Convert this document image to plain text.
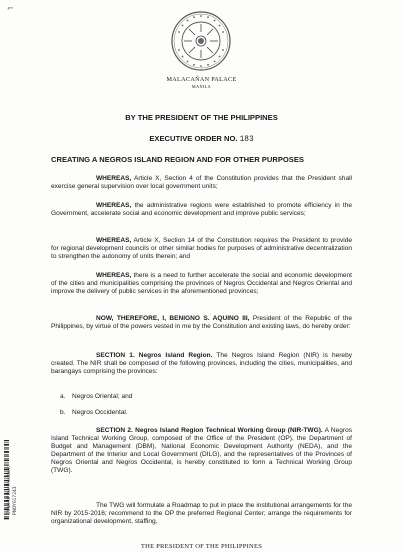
⌐
MALACAÑAN PALACE
MANILA
BY THE PRESIDENT OF THE PHILIPPINES
EXECUTIVE ORDER NO. 183
CREATING A NEGROS ISLAND REGION AND FOR OTHER PURPOSES

WHEREAS, Article X, Section 4 of the Constitution provides that the President shall exercise general supervision over local government units;

WHEREAS, the administrative regions were established to promote efficiency in the Government, accelerate social and economic development and improve public services;

WHEREAS, Article X, Section 14 of the Constitution requires the President to provide for regional development councils or other similar bodies for purposes of administrative decentralization to strengthen the autonomy of units therein; and

WHEREAS, there is a need to further accelerate the social and economic development of the cities and municipalities comprising the provinces of Negros Occidental and Negros Oriental and improve the delivery of public services in the aforementioned provinces;

NOW, THEREFORE, I, BENIGNO S. AQUINO III, President of the Republic of the Philippines, by virtue of the powers vested in me by the Constitution and existing laws, do hereby order:

SECTION 1. Negros Island Region. The Negros Island Region (NIR) is hereby created. The NIR shall be composed of the following provinces, including the cities, municipalities, and barangays comprising the provinces:

a. Negros Oriental; and
b. Negros Occidental.

SECTION 2. Negros Island Region Technical Working Group (NIR-TWG). A Negros Island Technical Working Group, composed of the Office of the President (OP), the Department of Budget and Management (DBM), National Economic Development Authority (NEDA), and the Department of the Interior and Local Government (DILG), and the representatives of the Provinces of Negros Oriental and Negros Occidental, is hereby constituted to form a Technical Working Group (TWG).

The TWG will formulate a Roadmap to put in place the institutional arrangements for the NIR by 2015-2016; recommend to the OP the preferred Regional Center; arrange the requirements for organizational development, staffing,

THE PRESIDENT OF THE PHILIPPINES
Office of the President PNOY017243
